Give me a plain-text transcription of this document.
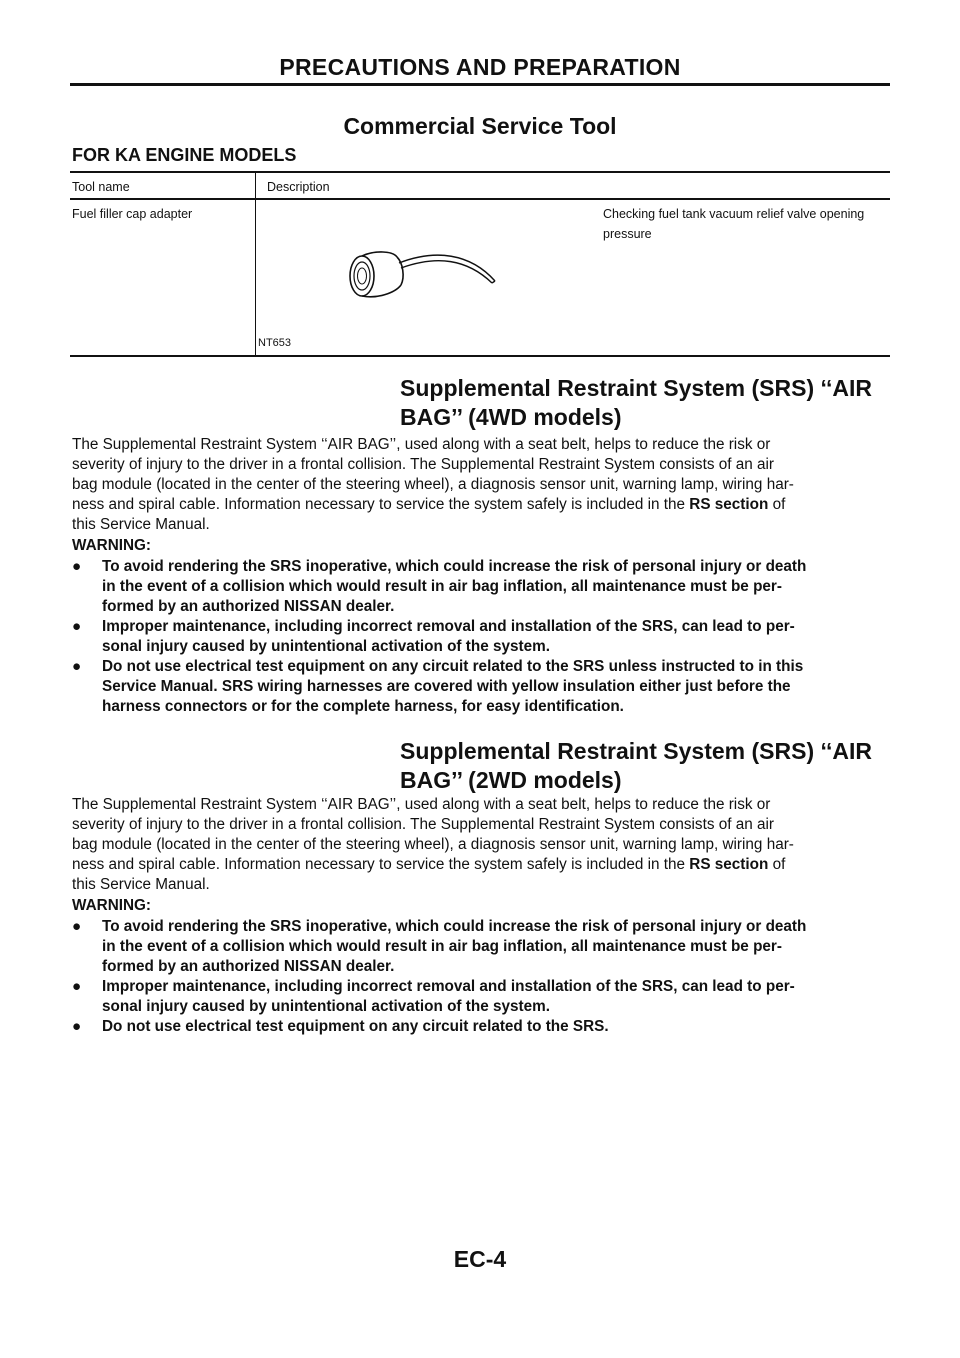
PRECAUTIONS AND PREPARATION
Commercial Service Tool
FOR KA ENGINE MODELS
Tool name	Description
Fuel filler cap adapter	Checking fuel tank vacuum relief valve opening
pressure
NT653
Supplemental Restraint System (SRS) ‘‘AIR
BAG’’ (4WD models)
The Supplemental Restraint System ‘‘AIR BAG’’, used along with a seat belt, helps to reduce the risk or
severity of injury to the driver in a frontal collision. The Supplemental Restraint System consists of an air
bag module (located in the center of the steering wheel), a diagnosis sensor unit, warning lamp, wiring har-
ness and spiral cable. Information necessary to service the system safely is included in the RS section of
this Service Manual.
WARNING:
●	To avoid rendering the SRS inoperative, which could increase the risk of personal injury or death
in the event of a collision which would result in air bag inflation, all maintenance must be per-
formed by an authorized NISSAN dealer.
●	Improper maintenance, including incorrect removal and installation of the SRS, can lead to per-
sonal injury caused by unintentional activation of the system.
●	Do not use electrical test equipment on any circuit related to the SRS unless instructed to in this
Service Manual. SRS wiring harnesses are covered with yellow insulation either just before the
harness connectors or for the complete harness, for easy identification.
Supplemental Restraint System (SRS) ‘‘AIR
BAG’’ (2WD models)
The Supplemental Restraint System ‘‘AIR BAG’’, used along with a seat belt, helps to reduce the risk or
severity of injury to the driver in a frontal collision. The Supplemental Restraint System consists of an air
bag module (located in the center of the steering wheel), a diagnosis sensor unit, warning lamp, wiring har-
ness and spiral cable. Information necessary to service the system safely is included in the RS section of
this Service Manual.
WARNING:
●	To avoid rendering the SRS inoperative, which could increase the risk of personal injury or death
in the event of a collision which would result in air bag inflation, all maintenance must be per-
formed by an authorized NISSAN dealer.
●	Improper maintenance, including incorrect removal and installation of the SRS, can lead to per-
sonal injury caused by unintentional activation of the system.
●	Do not use electrical test equipment on any circuit related to the SRS.
EC-4
